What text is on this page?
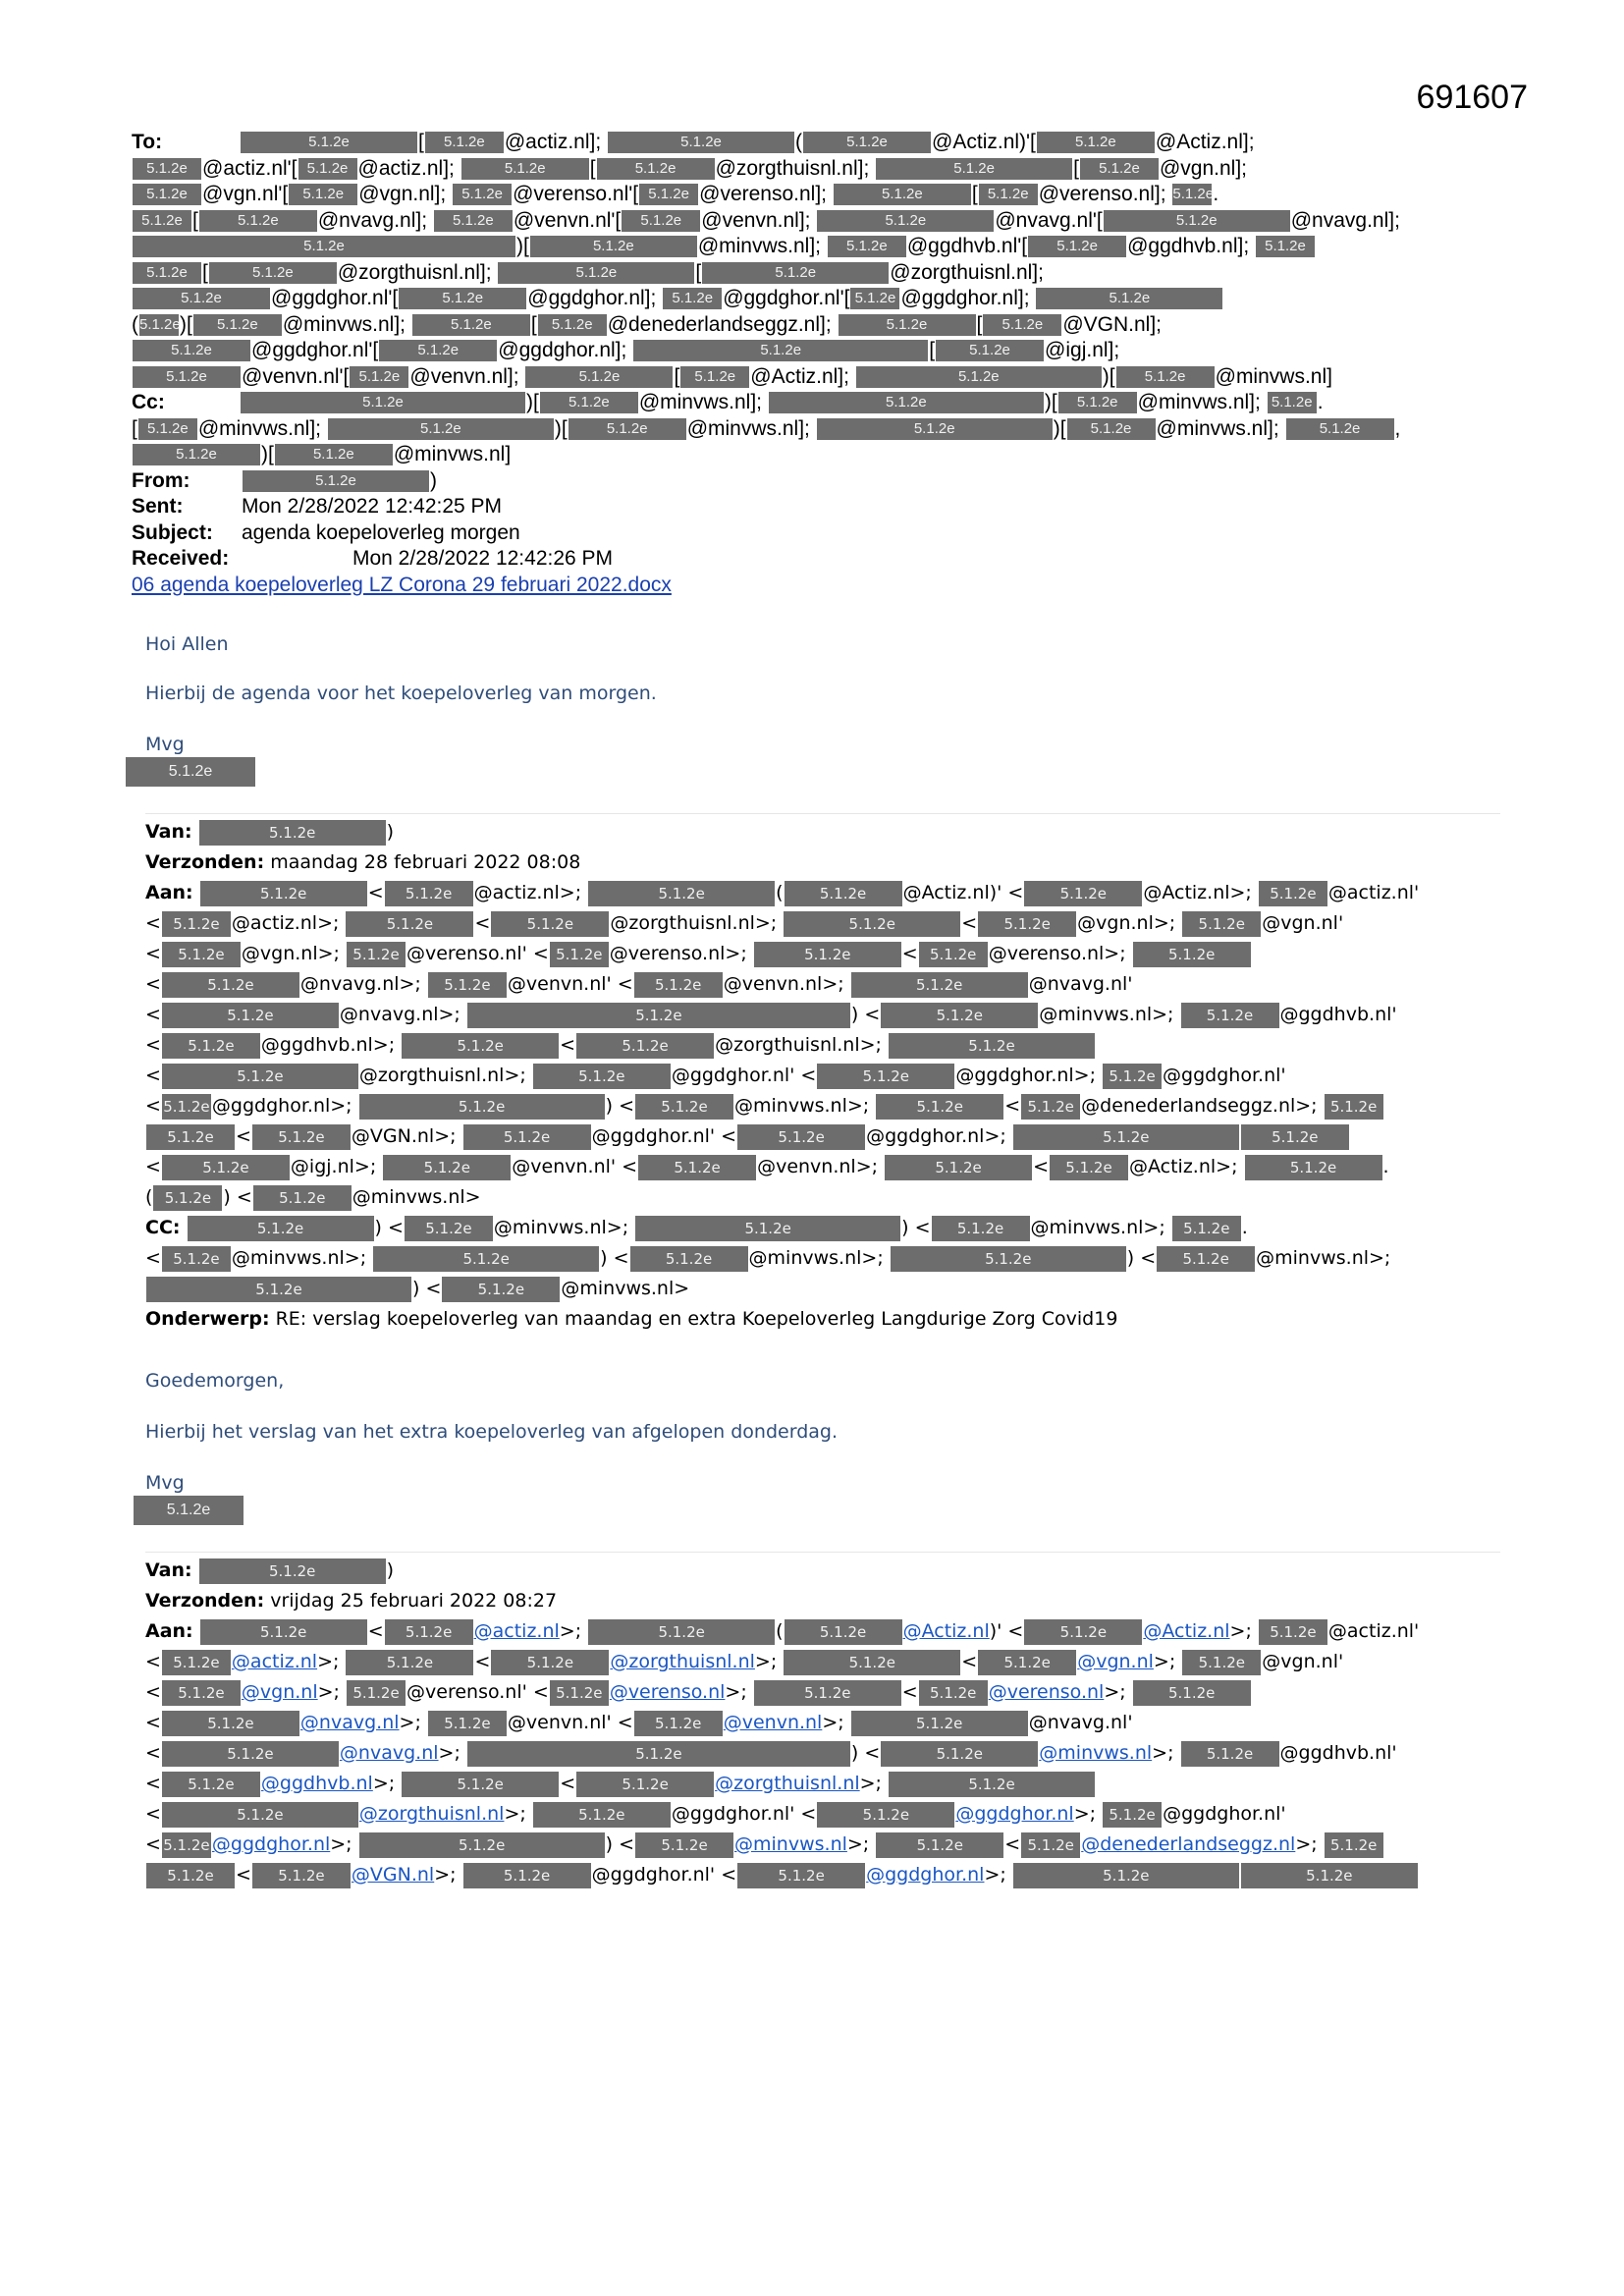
691607
To:	5.1.2e	[ 5.1.2e @actiz.nl];	5.1.2e	(	5.1.2e @Actiz.nl)'[	5.1.2e @Actiz.nl];
5.1.2e @actiz.nl'[ 5.1.2e @actiz.nl];	5.1.2e [	5.1.2e @zorgthuisnl.nl];	5.1.2e	[ 5.1.2e @vgn.nl];
5.1.2e @vgn.nl'[ 5.1.2e @vgn.nl]; 5.1.2e @verenso.nl'[ 5.1.2e @verenso.nl];	5.1.2e [ 5.1.2e @verenso.nl]; 5.1.2e.
5.1.2e [	5.1.2e @nvavg.nl]; 5.1.2e @venvn.nl'[ 5.1.2e @venvn.nl];	5.1.2e	@nvavg.nl'[	5.1.2e	@nvavg.nl];
5.1.2e	)[	5.1.2e	@minvws.nl]; 5.1.2e @ggdhvb.nl'[ 5.1.2e @ggdhvb.nl]; 5.1.2e
5.1.2e [	5.1.2e @zorgthuisnl.nl];	5.1.2e	[	5.1.2e	@zorgthuisnl.nl];
5.1.2e @ggdghor.nl'[	5.1.2e @ggdghor.nl]; 5.1.2e @ggdghor.nl'[ 5.1.2e @ggdghor.nl];	5.1.2e
(5.1.2e)[ 5.1.2e @minvws.nl];	5.1.2e [ 5.1.2e @denederlandseggz.nl];	5.1.2e [ 5.1.2e @VGN.nl];
5.1.2e @ggdghor.nl'[	5.1.2e @ggdghor.nl];	5.1.2e	[ 5.1.2e @igj.nl];
5.1.2e @venvn.nl'[ 5.1.2e @venvn.nl];	5.1.2e	[ 5.1.2e @Actiz.nl];	5.1.2e	)[ 5.1.2e @minvws.nl]
Cc:	5.1.2e	)[ 5.1.2e @minvws.nl];	5.1.2e	)[ 5.1.2e @minvws.nl]; 5.1.2e .
[ 5.1.2e @minvws.nl];	5.1.2e	)[	5.1.2e @minvws.nl];	5.1.2e	)[ 5.1.2e @minvws.nl]; 5.1.2e ,
5.1.2e )[	5.1.2e @minvws.nl]
From:	5.1.2e	)
Sent:	Mon 2/28/2022 12:42:25 PM
Subject: agenda koepeloverleg morgen
Received:	Mon 2/28/2022 12:42:26 PM
06 agenda koepeloverleg LZ Corona 29 februari 2022.docx
Hoi Allen
Hierbij de agenda voor het koepeloverleg van morgen.
Mvg
5.1.2e
Van:	5.1.2e	)
Verzonden: maandag 28 februari 2022 08:08
Aan:	5.1.2e	< 5.1.2e @actiz.nl>;	5.1.2e	( 5.1.2e @Actiz.nl)' < 5.1.2e @Actiz.nl>; 5.1.2e @actiz.nl'
< 5.1.2e @actiz.nl>;	5.1.2e < 5.1.2e @zorgthuisnl.nl>;	5.1.2e	< 5.1.2e @vgn.nl>; 5.1.2e @vgn.nl'
< 5.1.2e @vgn.nl>; 5.1.2e @verenso.nl' < 5.1.2e @verenso.nl>;	5.1.2e	< 5.1.2e @verenso.nl>; 5.1.2e
<	5.1.2e @nvavg.nl>; 5.1.2e @venvn.nl' < 5.1.2e @venvn.nl>;	5.1.2e	@nvavg.nl'
<	5.1.2e	@nvavg.nl>;	5.1.2e	) <	5.1.2e	@minvws.nl>; 5.1.2e @ggdhvb.nl'
< 5.1.2e @ggdhvb.nl>;	5.1.2e	<	5.1.2e @zorgthuisnl.nl>;	5.1.2e
<	5.1.2e	@zorgthuisnl.nl>;	5.1.2e @ggdghor.nl' <	5.1.2e @ggdghor.nl>; 5.1.2e @ggdghor.nl'
< 5.1.2e @ggdghor.nl>;	5.1.2e	) < 5.1.2e @minvws.nl>;	5.1.2e < 5.1.2e @denederlandseggz.nl>; 5.1.2e
5.1.2e < 5.1.2e @VGN.nl>;	5.1.2e @ggdghor.nl' <	5.1.2e @ggdghor.nl>;	5.1.2e	5.1.2e
<	5.1.2e @igj.nl>;	5.1.2e @venvn.nl' < 5.1.2e @venvn.nl>;	5.1.2e	< 5.1.2e @Actiz.nl>;	5.1.2e .
( 5.1.2e ) < 5.1.2e @minvws.nl>
CC:	5.1.2e	) < 5.1.2e @minvws.nl>;	5.1.2e	) < 5.1.2e @minvws.nl>; 5.1.2e .
< 5.1.2e @minvws.nl>;	5.1.2e	) < 5.1.2e @minvws.nl>;	5.1.2e	) < 5.1.2e @minvws.nl>;
5.1.2e	) < 5.1.2e @minvws.nl>
Onderwerp: RE: verslag koepeloverleg van maandag en extra Koepeloverleg Langdurige Zorg Covid19
Goedemorgen,
Hierbij het verslag van het extra koepeloverleg van afgelopen donderdag.
Mvg
5.1.2e
Van:	5.1.2e	)
Verzonden: vrijdag 25 februari 2022 08:27
Aan:	5.1.2e	< 5.1.2e @actiz.nl>;	5.1.2e	( 5.1.2e @Actiz.nl)' < 5.1.2e @Actiz.nl>; 5.1.2e @actiz.nl'
< 5.1.2e @actiz.nl>;	5.1.2e < 5.1.2e @zorgthuisnl.nl>;	5.1.2e	< 5.1.2e @vgn.nl>; 5.1.2e @vgn.nl'
< 5.1.2e @vgn.nl>; 5.1.2e @verenso.nl' < 5.1.2e @verenso.nl>;	5.1.2e	< 5.1.2e @verenso.nl>; 5.1.2e
<	5.1.2e @nvavg.nl>; 5.1.2e @venvn.nl' < 5.1.2e @venvn.nl>;	5.1.2e	@nvavg.nl'
<	5.1.2e	@nvavg.nl>;	5.1.2e	) <	5.1.2e	@minvws.nl>; 5.1.2e @ggdhvb.nl'
< 5.1.2e @ggdhvb.nl>;	5.1.2e	<	5.1.2e @zorgthuisnl.nl>;	5.1.2e
<	5.1.2e	@zorgthuisnl.nl>;	5.1.2e @ggdghor.nl' <	5.1.2e @ggdghor.nl>; 5.1.2e @ggdghor.nl'
< 5.1.2e @ggdghor.nl>;	5.1.2e	) < 5.1.2e @minvws.nl>;	5.1.2e < 5.1.2e @denederlandseggz.nl>; 5.1.2e
5.1.2e < 5.1.2e @VGN.nl>;	5.1.2e @ggdghor.nl' <	5.1.2e @ggdghor.nl>;	5.1.2e	5.1.2e
